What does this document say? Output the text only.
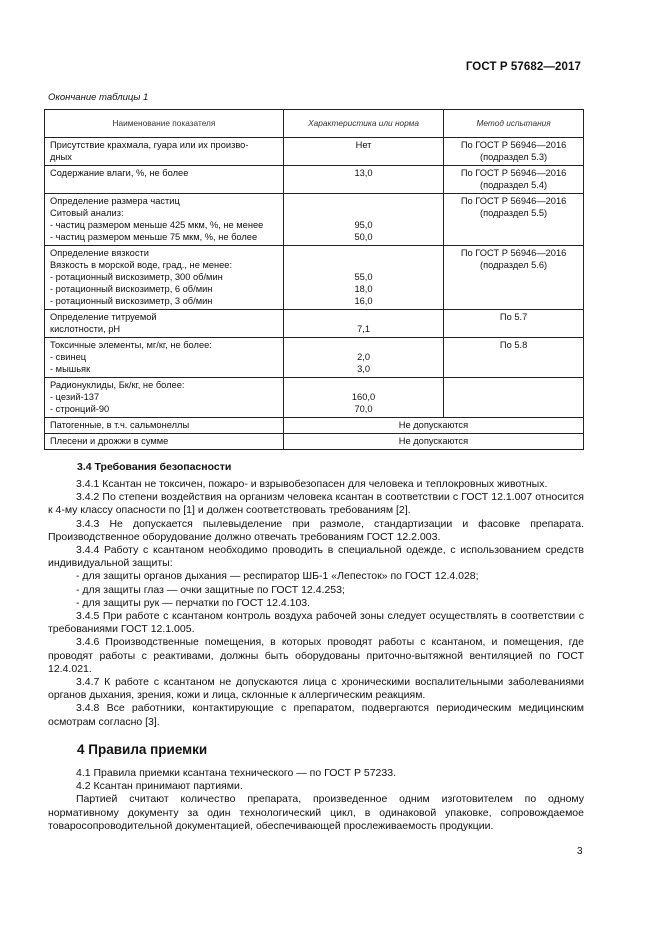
ГОСТ Р 57682—2017
Окончание таблицы 1
Наименование показателя	Характеристика или норма	Метод испытания

Присутствие крахмала, гуара или их произво-
дных	Нет	По ГОСТ Р 56946—2016
(подраздел 5.3)

Содержание влаги, %, не более	13,0	По ГОСТ Р 56946—2016
(подраздел 5.4)

Определение размера частиц
Ситовый анализ:
- частиц размером меньше 425 мкм, %, не менее
- частиц размером меньше 75 мкм, %, не более	95,0
50,0	По ГОСТ Р 56946—2016
(подраздел 5.5)

Определение вязкости
Вязкость в морской воде, град., не менее:
- ротационный вискозиметр, 300 об/мин
- ротационный вискозиметр, 6 об/мин
- ротационный вискозиметр, 3 об/мин	55,0
18,0
16,0	По ГОСТ Р 56946—2016
(подраздел 5.6)

Определение титруемой
кислотности, pH	7,1	По 5.7

Токсичные элементы, мг/кг, не более:
- свинец
- мышьяк	2,0
3,0	По 5.8

Радионуклиды, Бк/кг, не более:
- цезий-137
- стронций-90	160,0
70,0	

Патогенные, в т.ч. сальмонеллы	Не допускаются	

Плесени и дрожжи в сумме	Не допускаются	
3.4 Требования безопасности

3.4.1 Ксантан не токсичен, пожаро- и взрывобезопасен для человека и теплокровных животных.

3.4.2 По степени воздействия на организм человека ксантан в соответствии с ГОСТ 12.1.007 относится к 4-му классу опасности по [1] и должен соответствовать требованиям [2].

3.4.3 Не допускается пылевыделение при размоле, стандартизации и фасовке препарата. Производственное оборудование должно отвечать требованиям ГОСТ 12.2.003.

3.4.4 Работу с ксантаном необходимо проводить в специальной одежде, с использованием средств индивидуальной защиты:

- для защиты органов дыхания — респиратор ШБ-1 «Лепесток» по ГОСТ 12.4.028;

- для защиты глаз — очки защитные по ГОСТ 12.4.253;

- для защиты рук — перчатки по ГОСТ 12.4.103.

3.4.5 При работе с ксантаном контроль воздуха рабочей зоны следует осуществлять в соответствии с требованиями ГОСТ 12.1.005.

3.4.6 Производственные помещения, в которых проводят работы с ксантаном, и помещения, где проводят работы с реактивами, должны быть оборудованы приточно-вытяжной вентиляцией по ГОСТ 12.4.021.

3.4.7 К работе с ксантаном не допускаются лица с хроническими воспалительными заболеваниями органов дыхания, зрения, кожи и лица, склонные к аллергическим реакциям.

3.4.8 Все работники, контактирующие с препаратом, подвергаются периодическим медицинским осмотрам согласно [3].

4 Правила приемки

4.1 Правила приемки ксантана технического — по ГОСТ Р 57233.

4.2 Ксантан принимают партиями.

Партией считают количество препарата, произведенное одним изготовителем по одному нормативному документу за один технологический цикл, в одинаковой упаковке, сопровождаемое товаросопроводительной документацией, обеспечивающей прослеживаемость продукции.

3
